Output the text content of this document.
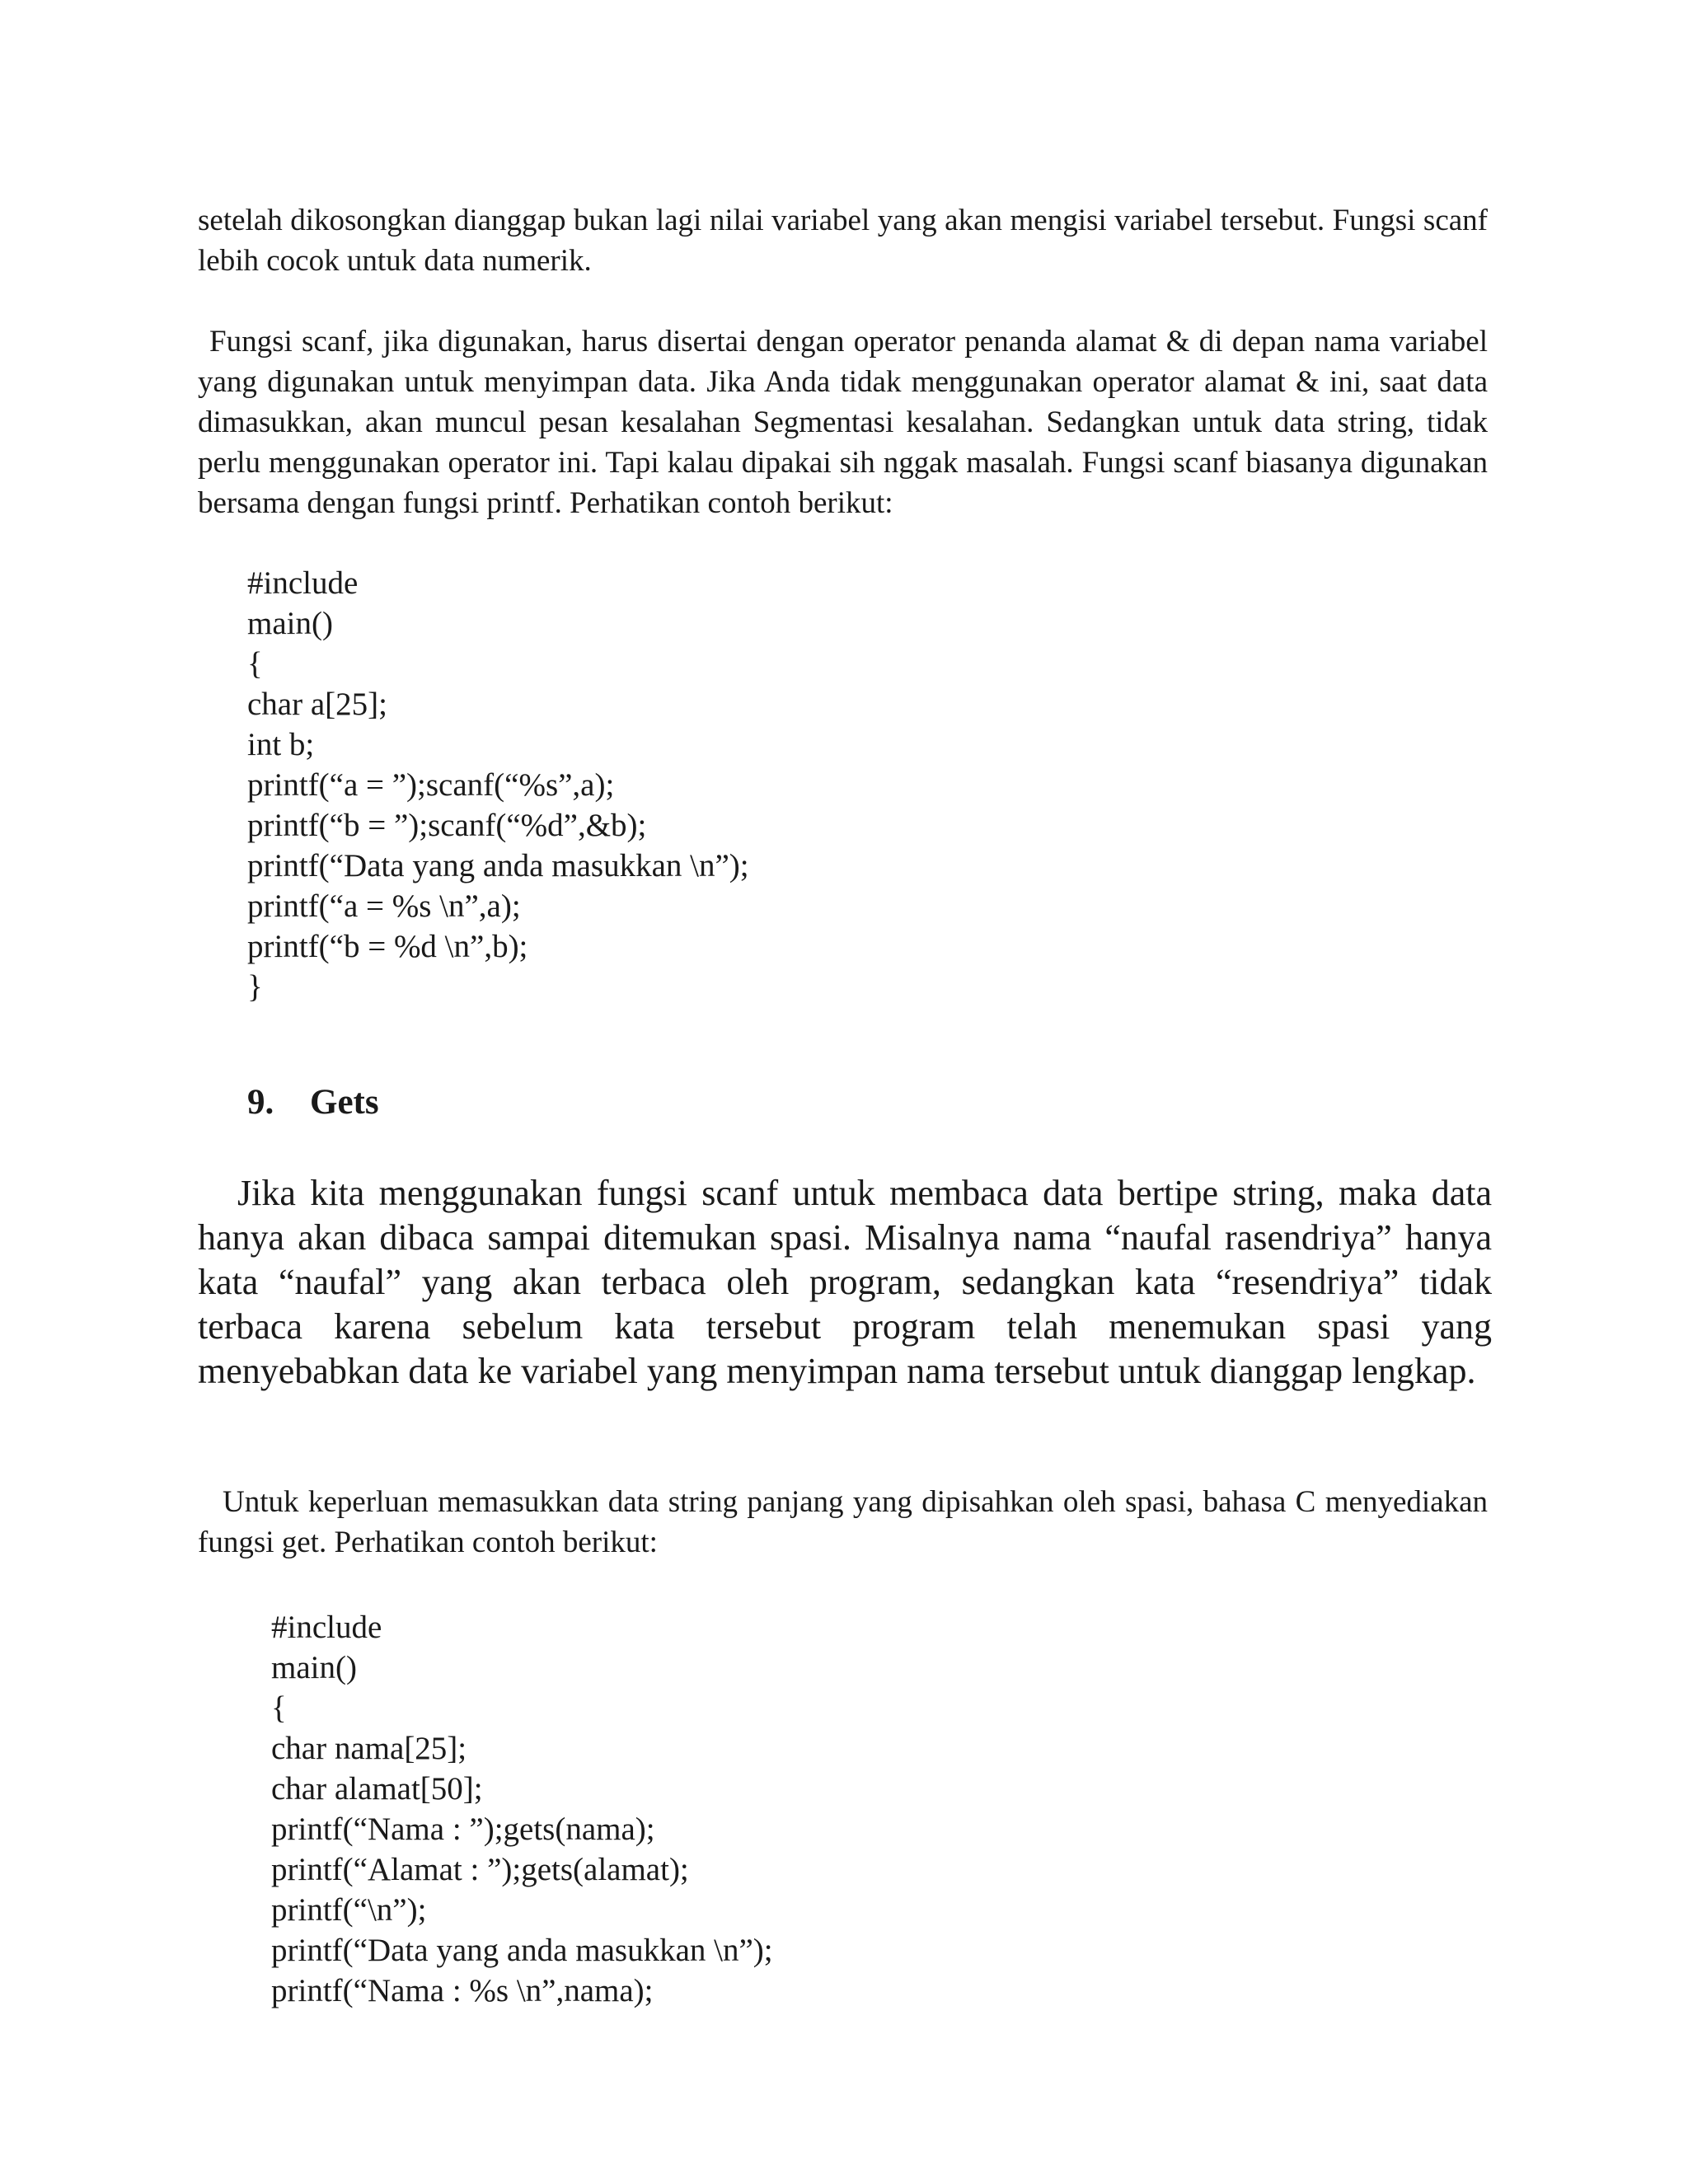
setelah dikosongkan dianggap bukan lagi nilai variabel yang akan mengisi variabel tersebut. Fungsi scanf lebih cocok untuk data numerik.

Fungsi scanf, jika digunakan, harus disertai dengan operator penanda alamat & di depan nama variabel yang digunakan untuk menyimpan data. Jika Anda tidak menggunakan operator alamat & ini, saat data dimasukkan, akan muncul pesan kesalahan Segmentasi kesalahan. Sedangkan untuk data string, tidak perlu menggunakan operator ini. Tapi kalau dipakai sih nggak masalah. Fungsi scanf biasanya digunakan bersama dengan fungsi printf. Perhatikan contoh berikut:

#include
main()
{
char a[25];
int b;
printf(“a = ”);scanf(“%s”,a);
printf(“b = ”);scanf(“%d”,&b);
printf(“Data yang anda masukkan \n”);
printf(“a = %s \n”,a);
printf(“b = %d \n”,b);
}
9. Gets

Jika kita menggunakan fungsi scanf untuk membaca data bertipe string, maka data hanya akan dibaca sampai ditemukan spasi. Misalnya nama “naufal rasendriya” hanya kata “naufal” yang akan terbaca oleh program, sedangkan kata “resendriya” tidak terbaca karena sebelum kata tersebut program telah menemukan spasi yang menyebabkan data ke variabel yang menyimpan nama tersebut untuk dianggap lengkap.

Untuk keperluan memasukkan data string panjang yang dipisahkan oleh spasi, bahasa C menyediakan fungsi get. Perhatikan contoh berikut:

#include
main()
{
char nama[25];
char alamat[50];
printf(“Nama : ”);gets(nama);
printf(“Alamat : ”);gets(alamat);
printf(“\n”);
printf(“Data yang anda masukkan \n”);
printf(“Nama : %s \n”,nama);
